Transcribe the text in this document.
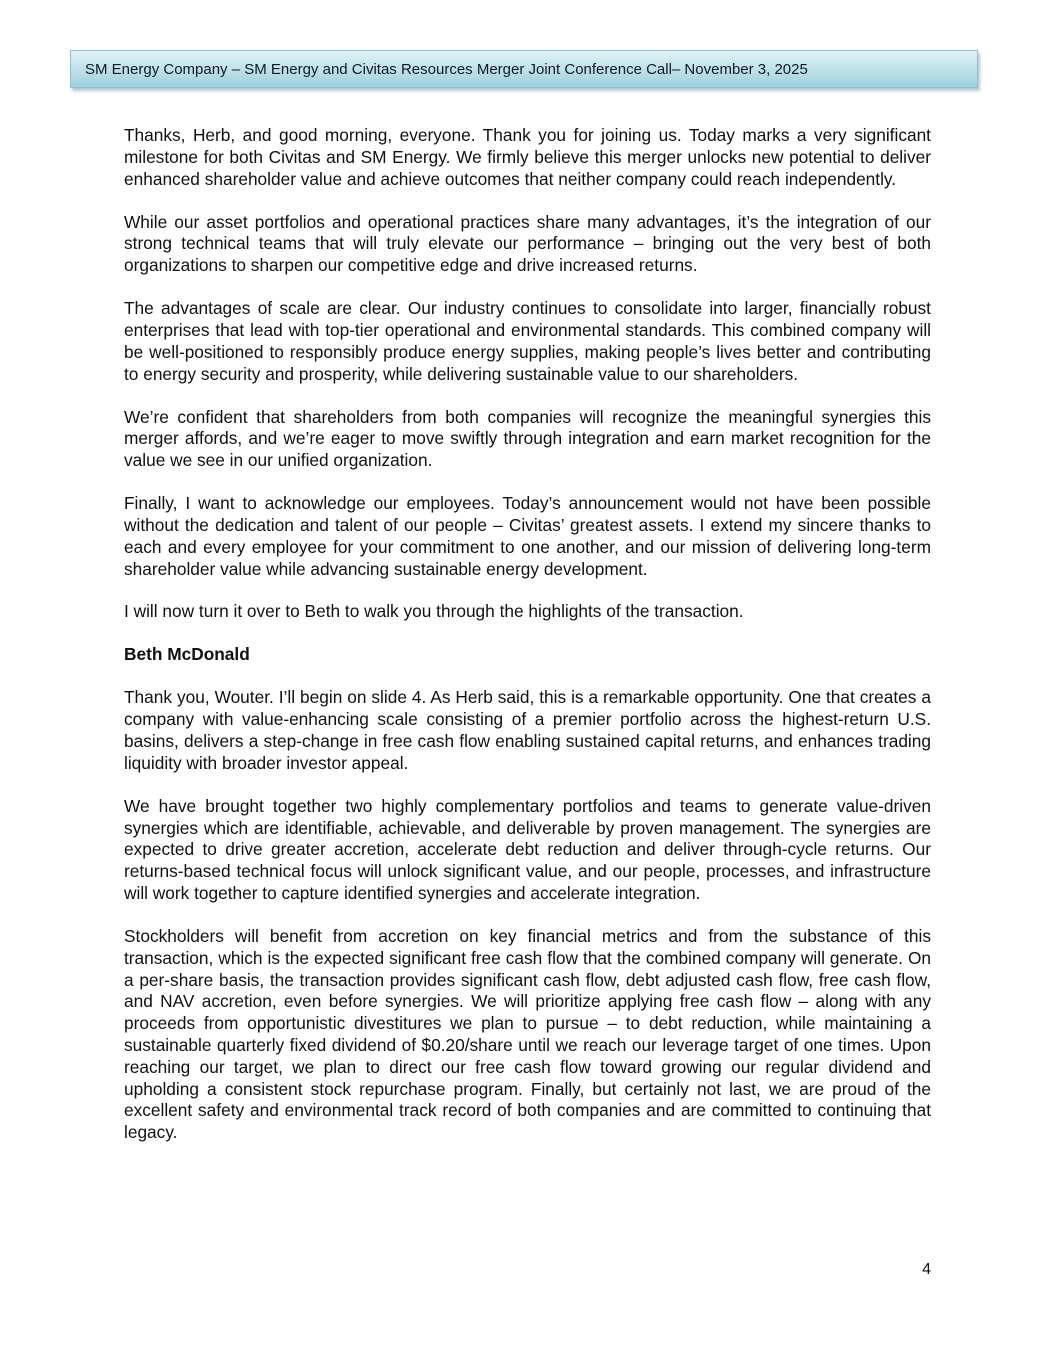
SM Energy Company – SM Energy and Civitas Resources Merger Joint Conference Call– November 3, 2025

Thanks, Herb, and good morning, everyone. Thank you for joining us. Today marks a very significant milestone for both Civitas and SM Energy. We firmly believe this merger unlocks new potential to deliver enhanced shareholder value and achieve outcomes that neither company could reach independently.

While our asset portfolios and operational practices share many advantages, it’s the integration of our strong technical teams that will truly elevate our performance – bringing out the very best of both organizations to sharpen our competitive edge and drive increased returns.

The advantages of scale are clear. Our industry continues to consolidate into larger, financially robust enterprises that lead with top-tier operational and environmental standards. This combined company will be well-positioned to responsibly produce energy supplies, making people’s lives better and contributing to energy security and prosperity, while delivering sustainable value to our shareholders.

We’re confident that shareholders from both companies will recognize the meaningful synergies this merger affords, and we’re eager to move swiftly through integration and earn market recognition for the value we see in our unified organization.

Finally, I want to acknowledge our employees. Today’s announcement would not have been possible without the dedication and talent of our people – Civitas’ greatest assets. I extend my sincere thanks to each and every employee for your commitment to one another, and our mission of delivering long-term shareholder value while advancing sustainable energy development.

I will now turn it over to Beth to walk you through the highlights of the transaction.

Beth McDonald

Thank you, Wouter. I’ll begin on slide 4. As Herb said, this is a remarkable opportunity. One that creates a company with value-enhancing scale consisting of a premier portfolio across the highest-return U.S. basins, delivers a step-change in free cash flow enabling sustained capital returns, and enhances trading liquidity with broader investor appeal.

We have brought together two highly complementary portfolios and teams to generate value-driven synergies which are identifiable, achievable, and deliverable by proven management. The synergies are expected to drive greater accretion, accelerate debt reduction and deliver through-cycle returns. Our returns-based technical focus will unlock significant value, and our people, processes, and infrastructure will work together to capture identified synergies and accelerate integration.

Stockholders will benefit from accretion on key financial metrics and from the substance of this transaction, which is the expected significant free cash flow that the combined company will generate. On a per-share basis, the transaction provides significant cash flow, debt adjusted cash flow, free cash flow, and NAV accretion, even before synergies. We will prioritize applying free cash flow – along with any proceeds from opportunistic divestitures we plan to pursue – to debt reduction, while maintaining a sustainable quarterly fixed dividend of $0.20/share until we reach our leverage target of one times. Upon reaching our target, we plan to direct our free cash flow toward growing our regular dividend and upholding a consistent stock repurchase program. Finally, but certainly not last, we are proud of the excellent safety and environmental track record of both companies and are committed to continuing that legacy.

4
